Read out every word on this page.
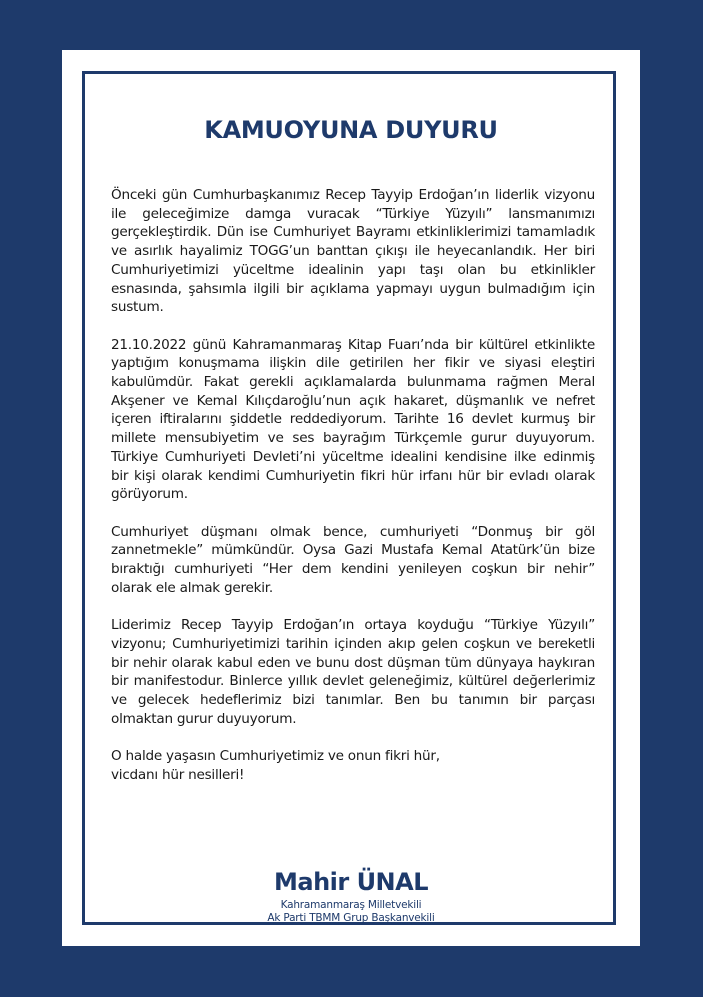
KAMUOYUNA DUYURU

Önceki gün Cumhurbaşkanımız Recep Tayyip Erdoğan’ın liderlik vizyonu ile geleceğimize damga vuracak “Türkiye Yüzyılı” lansmanımızı gerçekleştirdik. Dün ise Cumhuriyet Bayramı etkinliklerimizi tamamladık ve asırlık hayalimiz TOGG’un banttan çıkışı ile heyecanlandık. Her biri Cumhuriyetimizi yüceltme idealinin yapı taşı olan bu etkinlikler esnasında, şahsımla ilgili bir açıklama yapmayı uygun bulmadığım için sustum.

21.10.2022 günü Kahramanmaraş Kitap Fuarı’nda bir kültürel etkinlikte yaptığım konuşmama ilişkin dile getirilen her fikir ve siyasi eleştiri kabulümdür. Fakat gerekli açıklamalarda bulunmama rağmen Meral Akşener ve Kemal Kılıçdaroğlu’nun açık hakaret, düşmanlık ve nefret içeren iftiralarını şiddetle reddediyorum. Tarihte 16 devlet kurmuş bir millete mensubiyetim ve ses bayrağım Türkçemle gurur duyuyorum. Türkiye Cumhuriyeti Devleti’ni yüceltme idealini kendisine ilke edinmiş bir kişi olarak kendimi Cumhuriyetin fikri hür irfanı hür bir evladı olarak görüyorum.

Cumhuriyet düşmanı olmak bence, cumhuriyeti “Donmuş bir göl zannetmekle” mümkündür. Oysa Gazi Mustafa Kemal Atatürk’ün bize bıraktığı cumhuriyeti “Her dem kendini yenileyen coşkun bir nehir” olarak ele almak gerekir.

Liderimiz Recep Tayyip Erdoğan’ın ortaya koyduğu “Türkiye Yüzyılı” vizyonu; Cumhuriyetimizi tarihin içinden akıp gelen coşkun ve bereketli bir nehir olarak kabul eden ve bunu dost düşman tüm dünyaya haykıran bir manifestodur. Binlerce yıllık devlet geleneğimiz, kültürel değerlerimiz ve gelecek hedeflerimiz bizi tanımlar. Ben bu tanımın bir parçası olmaktan gurur duyuyorum.

O halde yaşasın Cumhuriyetimiz ve onun fikri hür,
vicdanı hür nesilleri!

Mahir ÜNAL
Kahramanmaraş Milletvekili
Ak Parti TBMM Grup Başkanvekili
